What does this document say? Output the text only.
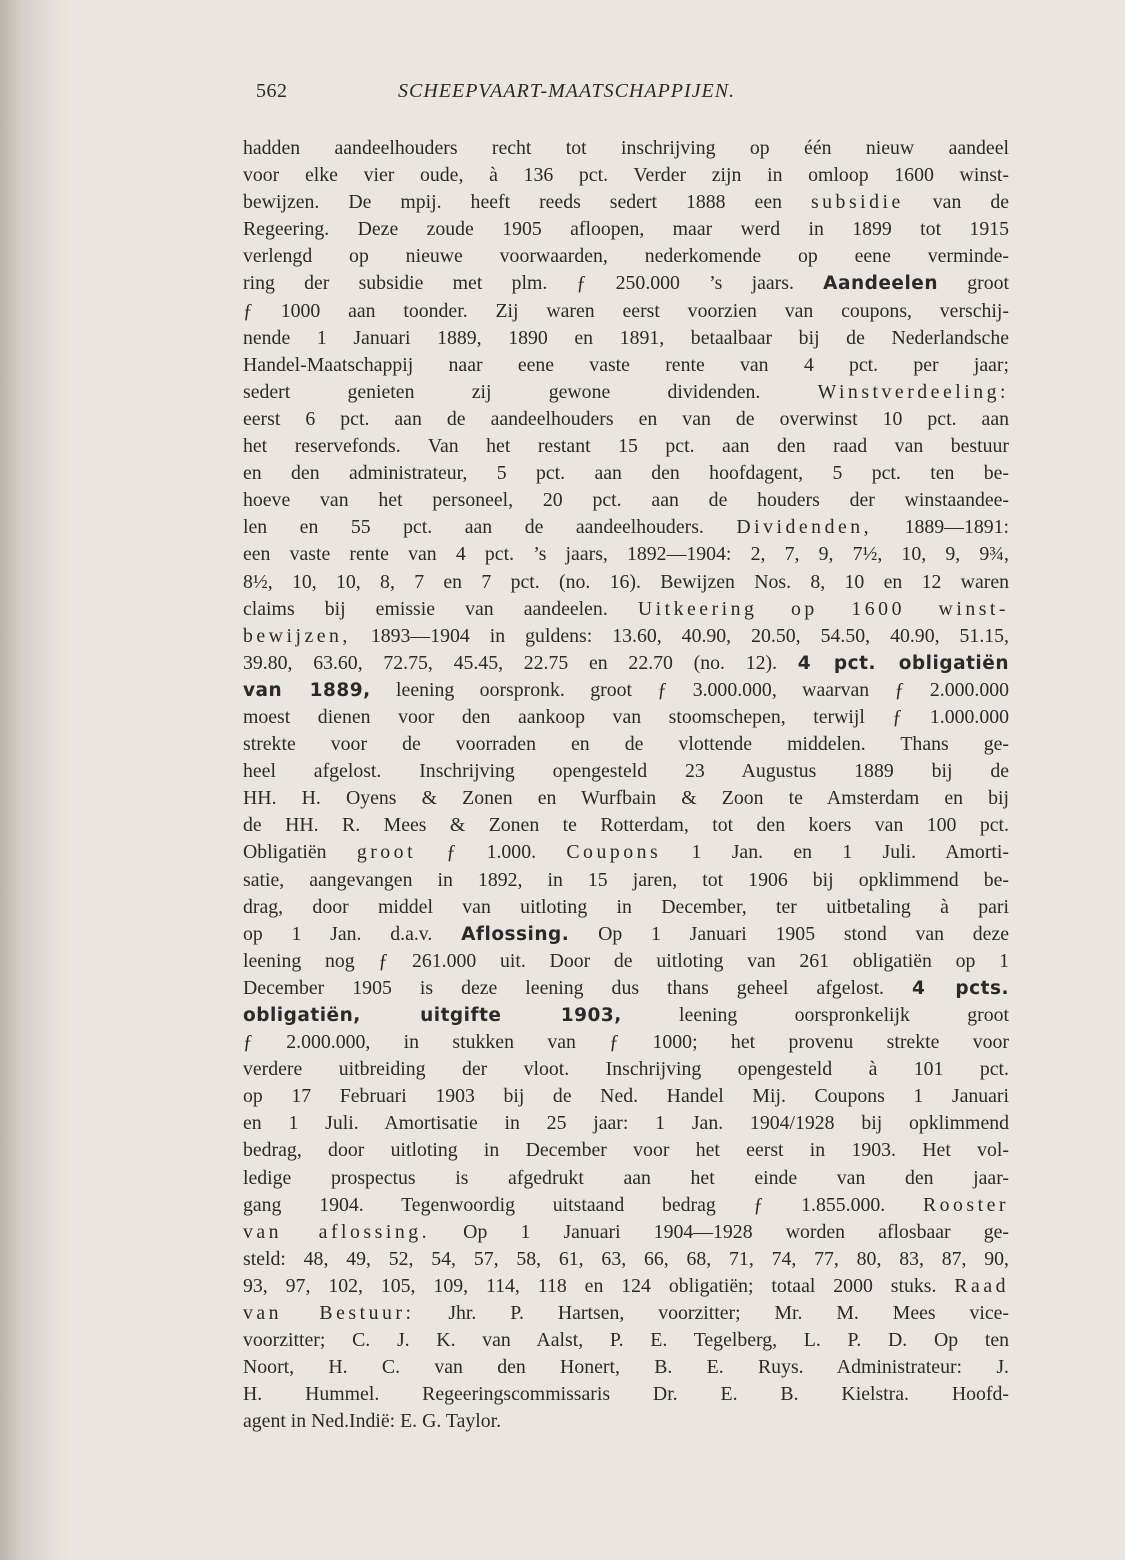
562	SCHEEPVAART-MAATSCHAPPIJEN.
hadden aandeelhouders recht tot inschrijving op één nieuw aandeel
voor elke vier oude, à 136 pct. Verder zijn in omloop 1600 winst-
bewijzen. De mpij. heeft reeds sedert 1888 een subsidie van de
Regeering. Deze zoude 1905 afloopen, maar werd in 1899 tot 1915
verlengd op nieuwe voorwaarden, nederkomende op eene verminde-
ring der subsidie met plm. ƒ 250.000 ’s jaars. Aandeelen groot
ƒ 1000 aan toonder. Zij waren eerst voorzien van coupons, verschij-
nende 1 Januari 1889, 1890 en 1891, betaalbaar bij de Nederlandsche
Handel-Maatschappij naar eene vaste rente van 4 pct. per jaar;
sedert genieten zij gewone dividenden. Winstverdeeling:
eerst 6 pct. aan de aandeelhouders en van de overwinst 10 pct. aan
het reservefonds. Van het restant 15 pct. aan den raad van bestuur
en den administrateur, 5 pct. aan den hoofdagent, 5 pct. ten be-
hoeve van het personeel, 20 pct. aan de houders der winstaandee-
len en 55 pct. aan de aandeelhouders. Dividenden, 1889—1891:
een vaste rente van 4 pct. ’s jaars, 1892—1904: 2, 7, 9, 7½, 10, 9, 9¾,
8½, 10, 10, 8, 7 en 7 pct. (no. 16). Bewijzen Nos. 8, 10 en 12 waren
claims bij emissie van aandeelen. Uitkeering op 1600 winst-
bewijzen, 1893—1904 in guldens: 13.60, 40.90, 20.50, 54.50, 40.90, 51.15,
39.80, 63.60, 72.75, 45.45, 22.75 en 22.70 (no. 12). 4 pct. obligatiën
van 1889, leening oorspronk. groot ƒ 3.000.000, waarvan ƒ 2.000.000
moest dienen voor den aankoop van stoomschepen, terwijl ƒ 1.000.000
strekte voor de voorraden en de vlottende middelen. Thans ge-
heel afgelost. Inschrijving opengesteld 23 Augustus 1889 bij de
HH. H. Oyens & Zonen en Wurfbain & Zoon te Amsterdam en bij
de HH. R. Mees & Zonen te Rotterdam, tot den koers van 100 pct.
Obligatiën groot ƒ 1.000. Coupons 1 Jan. en 1 Juli. Amorti-
satie, aangevangen in 1892, in 15 jaren, tot 1906 bij opklimmend be-
drag, door middel van uitloting in December, ter uitbetaling à pari
op 1 Jan. d.a.v. Aflossing. Op 1 Januari 1905 stond van deze
leening nog ƒ 261.000 uit. Door de uitloting van 261 obligatiën op 1
December 1905 is deze leening dus thans geheel afgelost. 4 pcts.
obligatiën, uitgifte 1903, leening oorspronkelijk groot
ƒ 2.000.000, in stukken van ƒ 1000; het provenu strekte voor
verdere uitbreiding der vloot. Inschrijving opengesteld à 101 pct.
op 17 Februari 1903 bij de Ned. Handel Mij. Coupons 1 Januari
en 1 Juli. Amortisatie in 25 jaar: 1 Jan. 1904/1928 bij opklimmend
bedrag, door uitloting in December voor het eerst in 1903. Het vol-
ledige prospectus is afgedrukt aan het einde van den jaar-
gang 1904. Tegenwoordig uitstaand bedrag ƒ 1.855.000. Rooster
van aflossing. Op 1 Januari 1904—1928 worden aflosbaar ge-
steld: 48, 49, 52, 54, 57, 58, 61, 63, 66, 68, 71, 74, 77, 80, 83, 87, 90,
93, 97, 102, 105, 109, 114, 118 en 124 obligatiën; totaal 2000 stuks. Raad
van Bestuur: Jhr. P. Hartsen, voorzitter; Mr. M. Mees vice-
voorzitter; C. J. K. van Aalst, P. E. Tegelberg, L. P. D. Op ten
Noort, H. C. van den Honert, B. E. Ruys. Administrateur: J.
H. Hummel. Regeeringscommissaris Dr. E. B. Kielstra. Hoofd-
agent in Ned.Indië: E. G. Taylor.
